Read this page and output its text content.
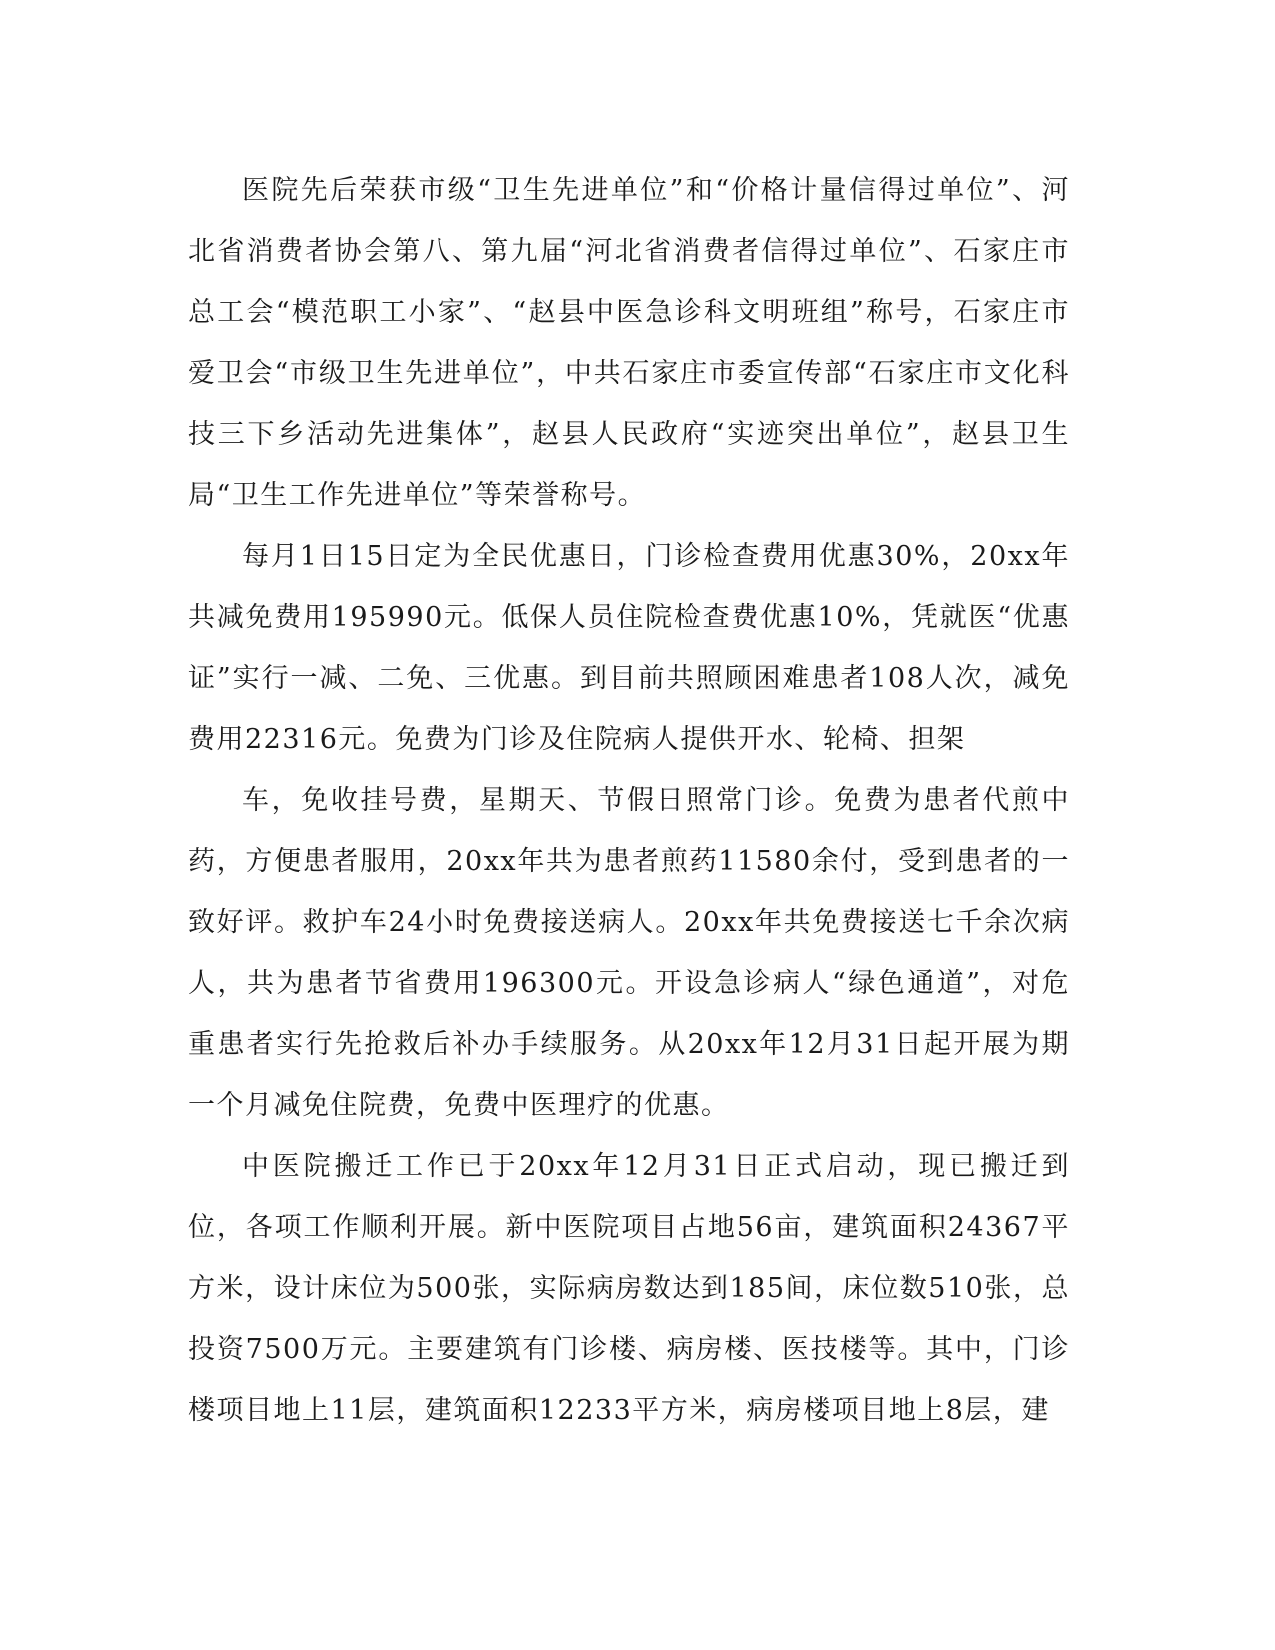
医院先后荣获市级“卫生先进单位”和“价格计量信得过单位”、河北省消费者协会第八、第九届“河北省消费者信得过单位”、石家庄市总工会“模范职工小家”、“赵县中医急诊科文明班组”称号，石家庄市爱卫会“市级卫生先进单位”，中共石家庄市委宣传部“石家庄市文化科技三下乡活动先进集体”，赵县人民政府“实迹突出单位”，赵县卫生局“卫生工作先进单位”等荣誉称号。

每月1日15日定为全民优惠日，门诊检查费用优惠30%，20xx年共减免费用195990元。低保人员住院检查费优惠10%，凭就医“优惠证”实行一减、二免、三优惠。到目前共照顾困难患者108人次，减免费用22316元。免费为门诊及住院病人提供开水、轮椅、担架

车，免收挂号费，星期天、节假日照常门诊。免费为患者代煎中药，方便患者服用，20xx年共为患者煎药11580余付，受到患者的一致好评。救护车24小时免费接送病人。20xx年共免费接送七千余次病人，共为患者节省费用196300元。开设急诊病人“绿色通道”，对危重患者实行先抢救后补办手续服务。从20xx年12月31日起开展为期一个月减免住院费，免费中医理疗的优惠。

中医院搬迁工作已于20xx年12月31日正式启动，现已搬迁到位，各项工作顺利开展。新中医院项目占地56亩，建筑面积24367平方米，设计床位为500张，实际病房数达到185间，床位数510张，总投资7500万元。主要建筑有门诊楼、病房楼、医技楼等。其中，门诊楼项目地上11层，建筑面积12233平方米，病房楼项目地上8层，建
